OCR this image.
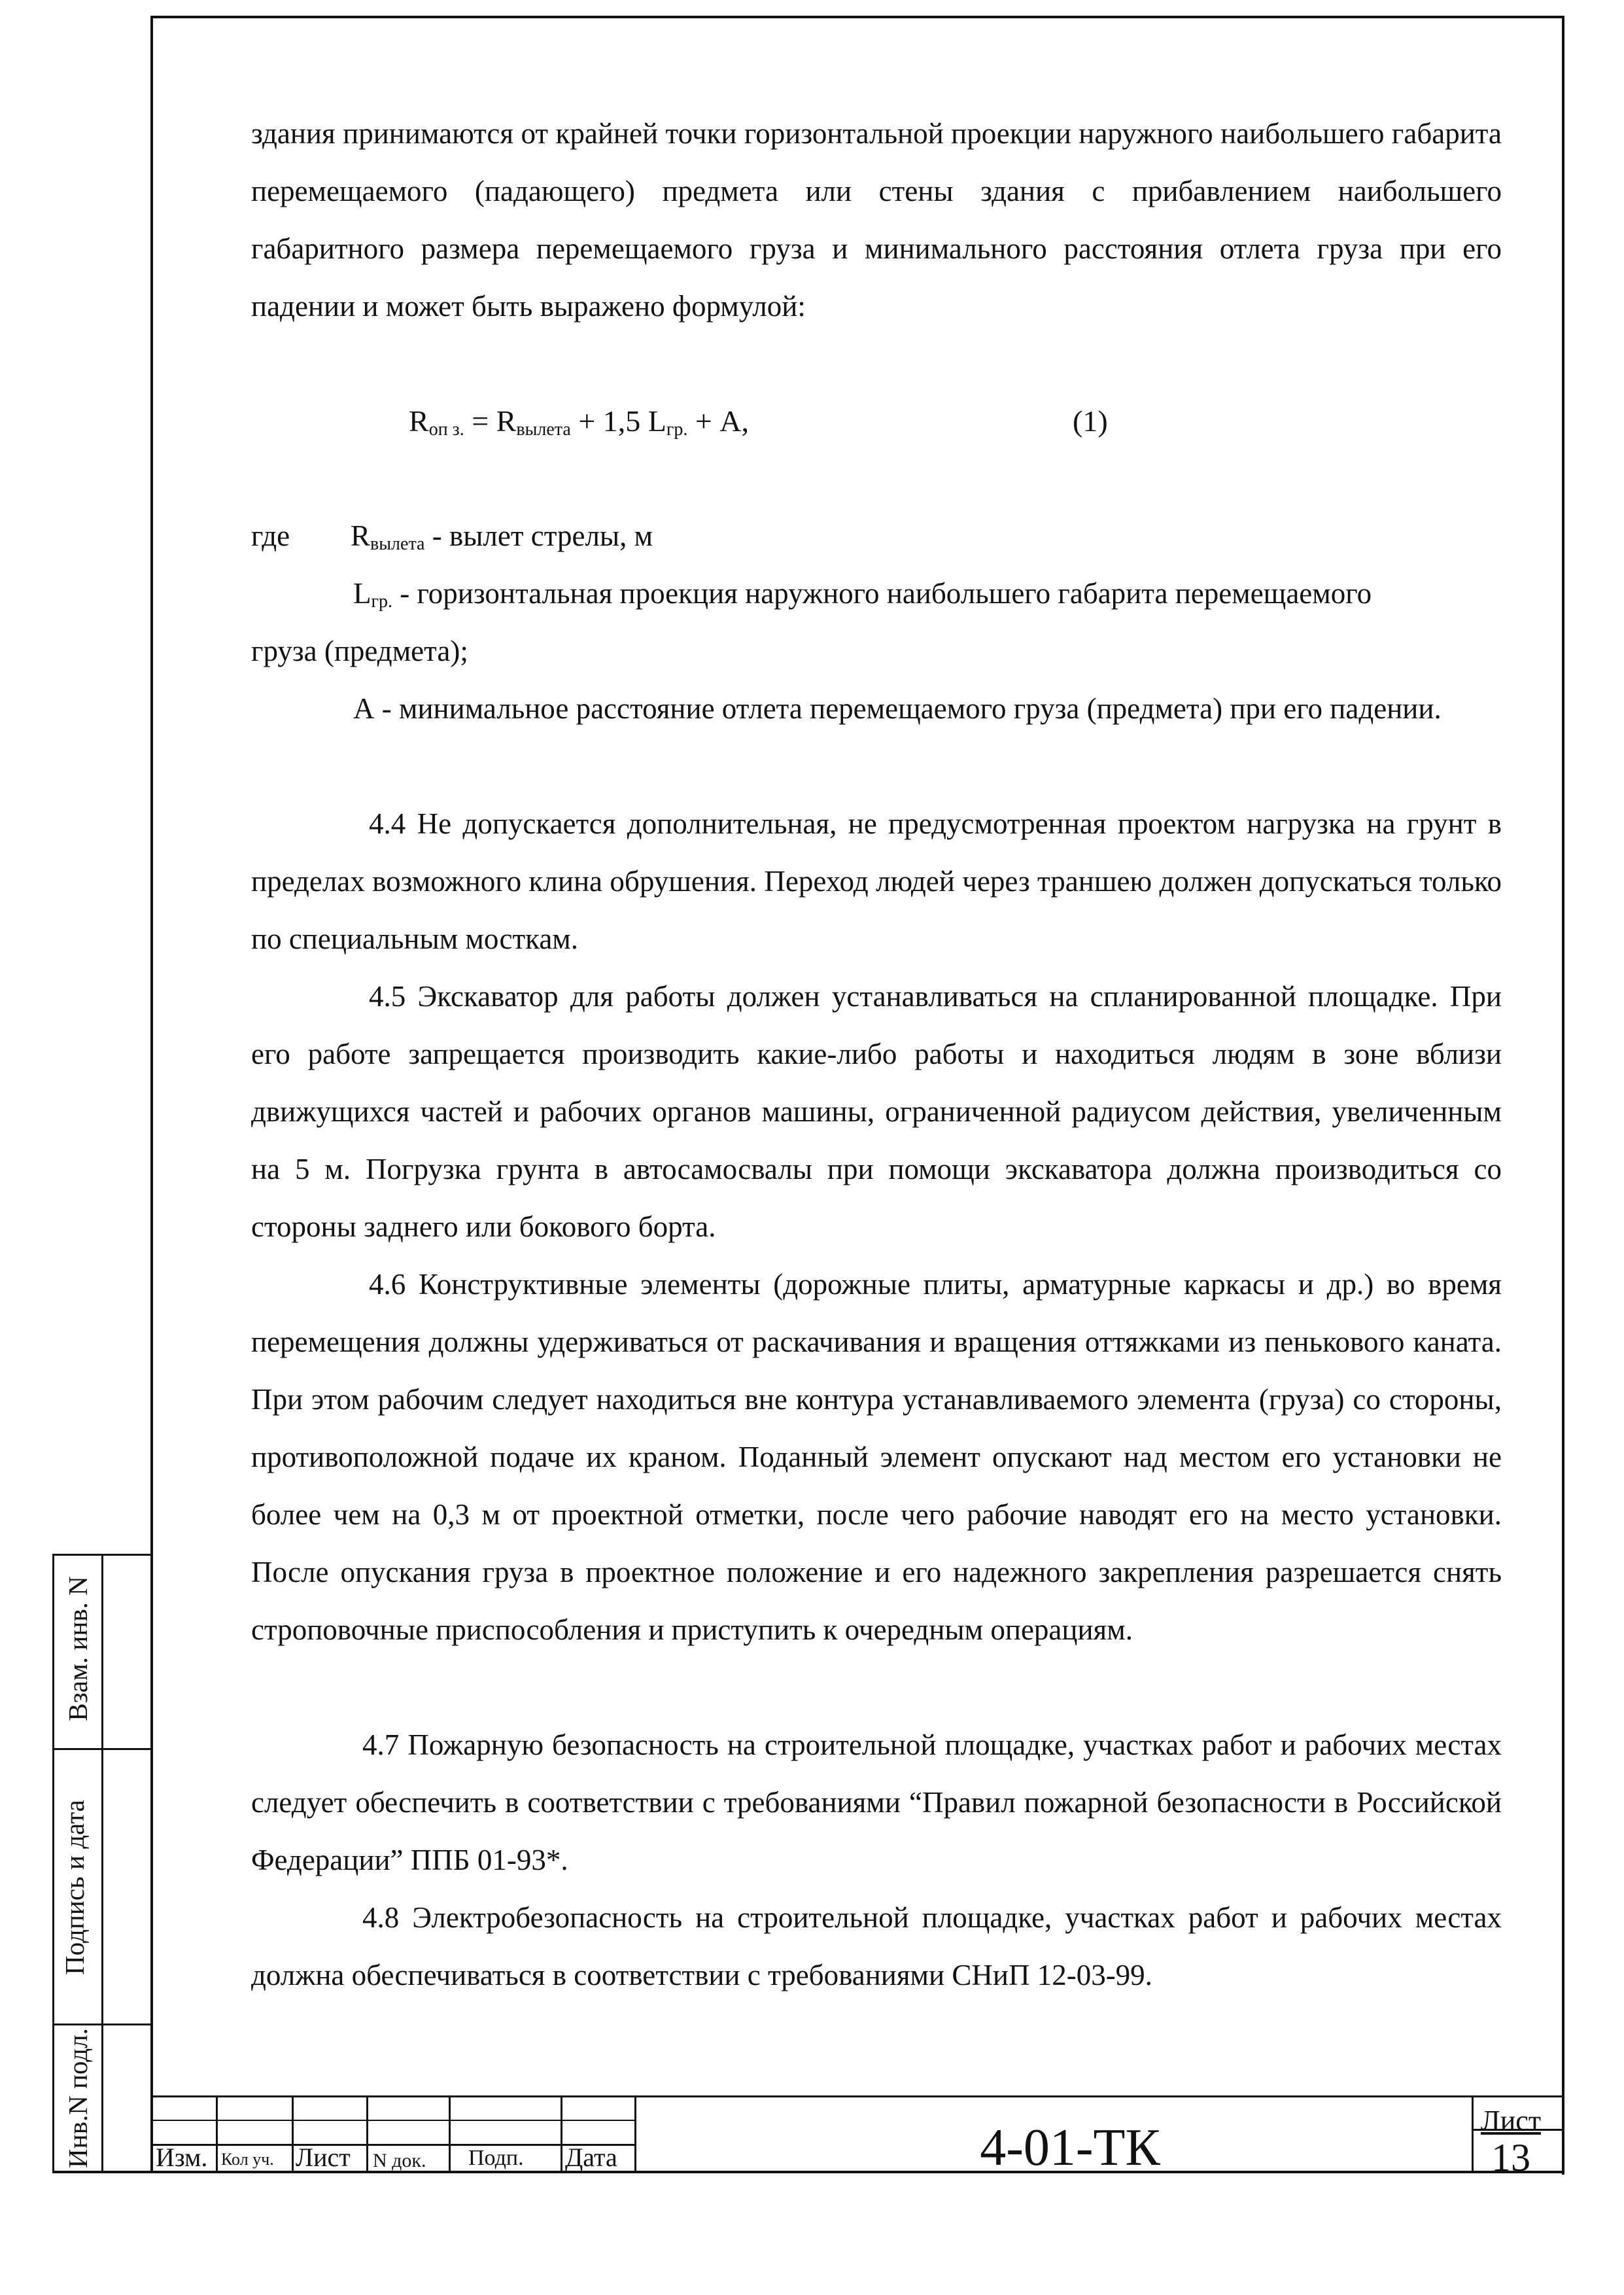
Взам. инв. N
Подпись и дата
Инв.N подл.

здания принимаются от крайней точки горизонтальной проекции наружного наибольшего габарита перемещаемого (падающего) предмета или стены здания с прибавлением наибольшего габаритного размера перемещаемого груза и минимального расстояния отлета груза при его падении и может быть выражено формулой:

$R_{оп з.} = R_{вылета} + 1,5$ $L_{гр.} + A$,	(1)
где $R_{вылета}$ - вылет стрелы, м
$L_{гр.}$ - горизонтальная проекция наружного наибольшего габарита перемещаемого
груза (предмета);

А - минимальное расстояние отлета перемещаемого груза (предмета) при его падении.

4.4 Не допускается дополнительная, не предусмотренная проектом нагрузка на грунт в пределах возможного клина обрушения. Переход людей через траншею должен допускаться только по специальным мосткам.

4.5 Экскаватор для работы должен устанавливаться на спланированной площадке. При его работе запрещается производить какие-либо работы и находиться людям в зоне вблизи движущихся частей и рабочих органов машины, ограниченной радиусом действия, увеличенным на 5 м. Погрузка грунта в автосамосвалы при помощи экскаватора должна производиться со стороны заднего или бокового борта.

4.6 Конструктивные элементы (дорожные плиты, арматурные каркасы и др.) во время перемещения должны удерживаться от раскачивания и вращения оттяжками из пенькового каната. При этом рабочим следует находиться вне контура устанавливаемого элемента (груза) со стороны, противоположной подаче их краном. Поданный элемент опускают над местом его установки не более чем на 0,3 м от проектной отметки, после чего рабочие наводят его на место установки. После опускания груза в проектное положение и его надежного закрепления разрешается снять строповочные приспособления и приступить к очередным операциям.

4.7 Пожарную безопасность на строительной площадке, участках работ и рабочих местах следует обеспечить в соответствии с требованиями “Правил пожарной безопасности в Российской Федерации” ППБ 01-93*.

4.8 Электробезопасность на строительной площадке, участках работ и рабочих местах должна обеспечиваться в соответствии с требованиями СНиП 12-03-99.

Изм. Кол уч. Лист N док. Подп. Дата	4-01-ТК	Лист
13
